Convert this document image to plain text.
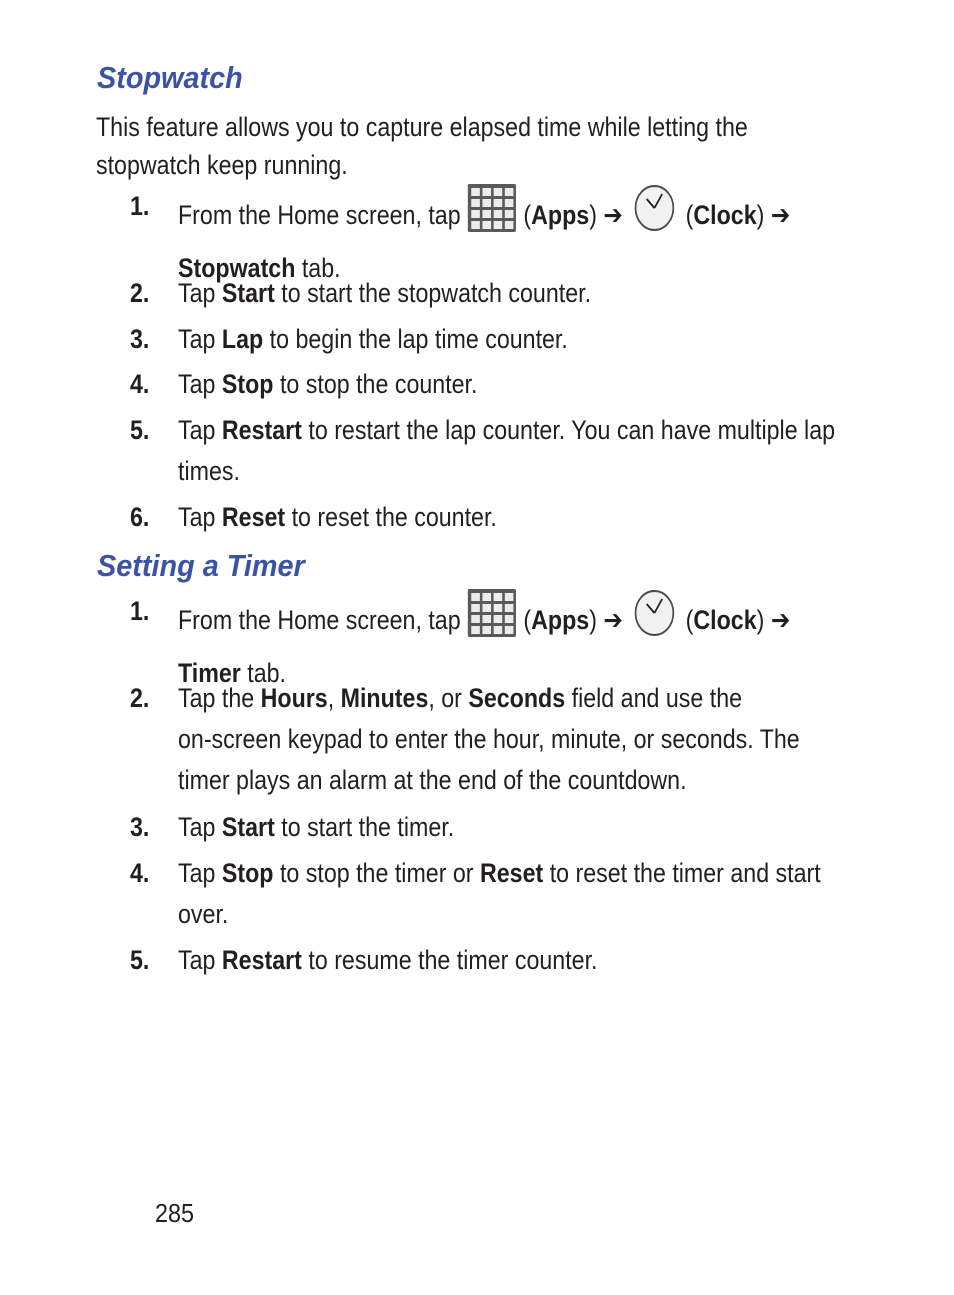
Stopwatch

This feature allows you to capture elapsed time while letting the

stopwatch keep running.

1. From the Home screen, tap  (Apps) ➔  (Clock) ➔
Stopwatch tab.
2. Tap Start to start the stopwatch counter.
3. Tap Lap to begin the lap time counter.
4. Tap Stop to stop the counter.
5. Tap Restart to restart the lap counter. You can have multiple lap
times.
6. Tap Reset to reset the counter.
Setting a Timer
1. From the Home screen, tap  (Apps) ➔  (Clock) ➔
Timer tab.
2. Tap the Hours, Minutes, or Seconds field and use the
on-screen keypad to enter the hour, minute, or seconds. The
timer plays an alarm at the end of the countdown.
3. Tap Start to start the timer.
4. Tap Stop to stop the timer or Reset to reset the timer and start
over.
5. Tap Restart to resume the timer counter.
285
